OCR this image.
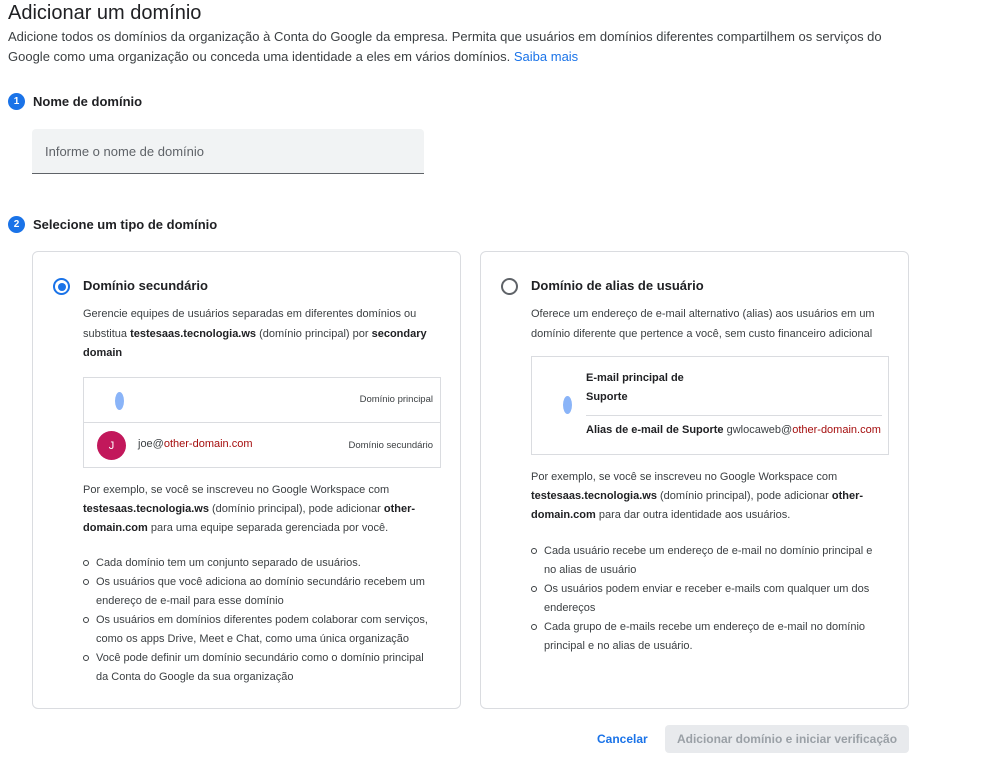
Adicionar um domínio

Adicione todos os domínios da organização à Conta do Google da empresa. Permita que usuários em domínios diferentes compartilhem os serviços do Google como uma organização ou conceda uma identidade a eles em vários domínios. Saiba mais

1	Nome de domínio
Informe o nome de domínio
2	Selecione um tipo de domínio
Domínio secundário

Gerencie equipes de usuários separadas em diferentes domínios ou substitua testesaas.tecnologia.ws (domínio principal) por secondary domain

Domínio principal
J	joe@other-domain.com	Domínio secundário

Por exemplo, se você se inscreveu no Google Workspace com testesaas.tecnologia.ws (domínio principal), pode adicionar other-domain.com para uma equipe separada gerenciada por você.

Cada domínio tem um conjunto separado de usuários.
Os usuários que você adiciona ao domínio secundário recebem um endereço de e-mail para esse domínio
Os usuários em domínios diferentes podem colaborar com serviços, como os apps Drive, Meet e Chat, como uma única organização
Você pode definir um domínio secundário como o domínio principal da Conta do Google da sua organização
Domínio de alias de usuário

Oferece um endereço de e-mail alternativo (alias) aos usuários em um domínio diferente que pertence a você, sem custo financeiro adicional

E-mail principal de Suporte
Alias de e-mail de Suporte gwlocaweb@other-domain.com

Por exemplo, se você se inscreveu no Google Workspace com testesaas.tecnologia.ws (domínio principal), pode adicionar other-domain.com para dar outra identidade aos usuários.

Cada usuário recebe um endereço de e-mail no domínio principal e no alias de usuário
Os usuários podem enviar e receber e-mails com qualquer um dos endereços
Cada grupo de e-mails recebe um endereço de e-mail no domínio principal e no alias de usuário.
Cancelar	Adicionar domínio e iniciar verificação
